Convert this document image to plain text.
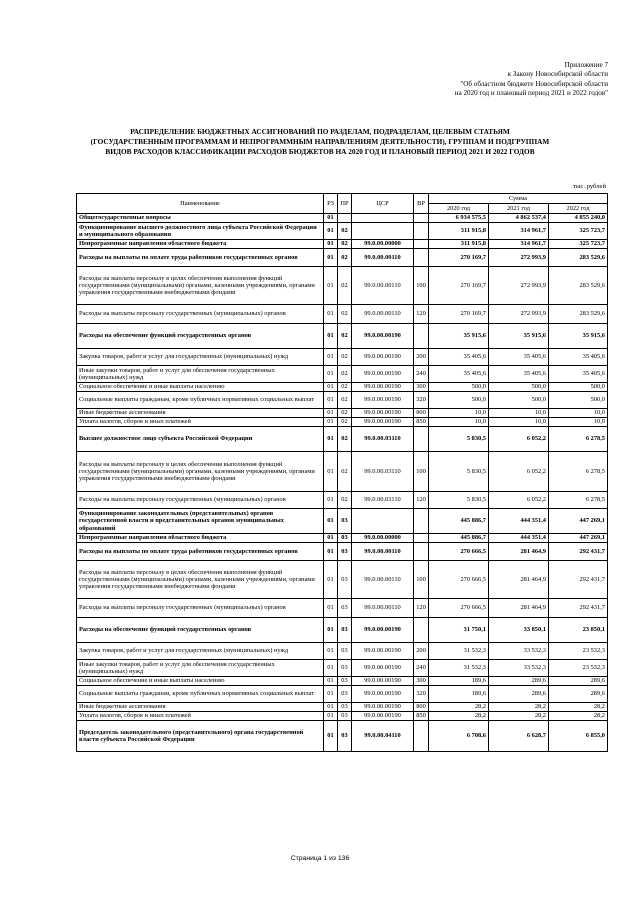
Приложение 7
к Закону Новосибирской области
"Об областном бюджете Новосибирской области
на 2020 год и плановый период 2021 и 2022 годов"
РАСПРЕДЕЛЕНИЕ БЮДЖЕТНЫХ АССИГНОВАНИЙ ПО РАЗДЕЛАМ, ПОДРАЗДЕЛАМ, ЦЕЛЕВЫМ СТАТЬЯМ
(ГОСУДАРСТВЕННЫМ ПРОГРАММАМ И НЕПРОГРАММНЫМ НАПРАВЛЕНИЯМ ДЕЯТЕЛЬНОСТИ), ГРУППАМ И ПОДГРУППАМ
ВИДОВ РАСХОДОВ КЛАССИФИКАЦИИ РАСХОДОВ БЮДЖЕТОВ НА 2020 ГОД И ПЛАНОВЫЙ ПЕРИОД 2021 И 2022 ГОДОВ
тыс. рублей
Наименование	РЗ	ПР	ЦСР	ВР	Сумма		
					2020 год	2021 год	2022 год
Общегосударственные вопросы	01				6 934 575,5	4 862 537,4	4 855 240,0
Функционирование высшего должностного лица субъекта Российской Федерации и муниципального образования	01	02			311 915,8	314 961,7	325 723,7
Непрограммные направления областного бюджета	01	02	99.0.00.00000		311 915,8	314 961,7	325 723,7
Расходы на выплаты по оплате труда работников государственных органов	01	02	99.0.00.00110		270 169,7	272 993,9	283 529,6
Расходы на выплаты персоналу в целях обеспечения выполнения функций государственными (муниципальными) органами, казенными учреждениями, органами управления государственными внебюджетными фондами	01	02	99.0.00.00110	100	270 169,7	272 993,9	283 529,6
Расходы на выплаты персоналу государственных (муниципальных) органов	01	02	99.0.00.00110	120	270 169,7	272 993,9	283 529,6
Расходы на обеспечение функций государственных органов	01	02	99.0.00.00190		35 915,6	35 915,6	35 915,6
Закупка товаров, работ и услуг для государственных (муниципальных) нужд	01	02	99.0.00.00190	200	35 405,6	35 405,6	35 405,6
Иные закупки товаров, работ и услуг для обеспечения государственных (муниципальных) нужд	01	02	99.0.00.00190	240	35 405,6	35 405,6	35 405,6
Социальное обеспечение и иные выплаты населению	01	02	99.0.00.00190	300	500,0	500,0	500,0
Социальные выплаты гражданам, кроме публичных нормативных социальных выплат	01	02	99.0.00.00190	320	500,0	500,0	500,0
Иные бюджетные ассигнования	01	02	99.0.00.00190	800	10,0	10,0	10,0
Уплата налогов, сборов и иных платежей	01	02	99.0.00.00190	850	10,0	10,0	10,0
Высшее должностное лицо субъекта Российской Федерации	01	02	99.0.00.03110		5 830,5	6 052,2	6 278,5
Расходы на выплаты персоналу в целях обеспечения выполнения функций государственными (муниципальными) органами, казенными учреждениями, органами управления государственными внебюджетными фондами	01	02	99.0.00.03110	100	5 830,5	6 052,2	6 278,5
Расходы на выплаты персоналу государственных (муниципальных) органов	01	02	99.0.00.03110	120	5 830,5	6 052,2	6 278,5
Функционирование законодательных (представительных) органов государственной власти и представительных органов муниципальных образований	01	03			445 886,7	444 351,4	447 269,1
Непрограммные направления областного бюджета	01	03	99.0.00.00000		445 886,7	444 351,4	447 269,1
Расходы на выплаты по оплате труда работников государственных органов	01	03	99.0.00.00110		270 666,5	281 464,9	292 431,7
Расходы на выплаты персоналу в целях обеспечения выполнения функций государственными (муниципальными) органами, казенными учреждениями, органами управления государственными внебюджетными фондами	01	03	99.0.00.00110	100	270 666,5	281 464,9	292 431,7
Расходы на выплаты персоналу государственных (муниципальных) органов	01	03	99.0.00.00110	120	270 666,5	281 464,9	292 431,7
Расходы на обеспечение функций государственных органов	01	03	99.0.00.00190		31 750,1	33 850,1	23 850,1
Закупка товаров, работ и услуг для государственных (муниципальных) нужд	01	03	99.0.00.00190	200	31 532,3	33 532,3	23 532,3
Иные закупки товаров, работ и услуг для обеспечения государственных (муниципальных) нужд	01	03	99.0.00.00190	240	31 532,3	33 532,3	23 532,3
Социальное обеспечение и иные выплаты населению	01	03	99.0.00.00190	300	189,6	289,6	289,6
Социальные выплаты гражданам, кроме публичных нормативных социальных выплат	01	03	99.0.00.00190	320	189,6	289,6	289,6
Иные бюджетные ассигнования	01	03	99.0.00.00190	800	28,2	28,2	28,2
Уплата налогов, сборов и иных платежей	01	03	99.0.00.00190	850	28,2	28,2	28,2
Председатель законодательного (представительного) органа государственной власти субъекта Российской Федерации	01	03	99.0.00.04110		6 708,6	6 628,7	6 855,0
Страница 1 из 136
